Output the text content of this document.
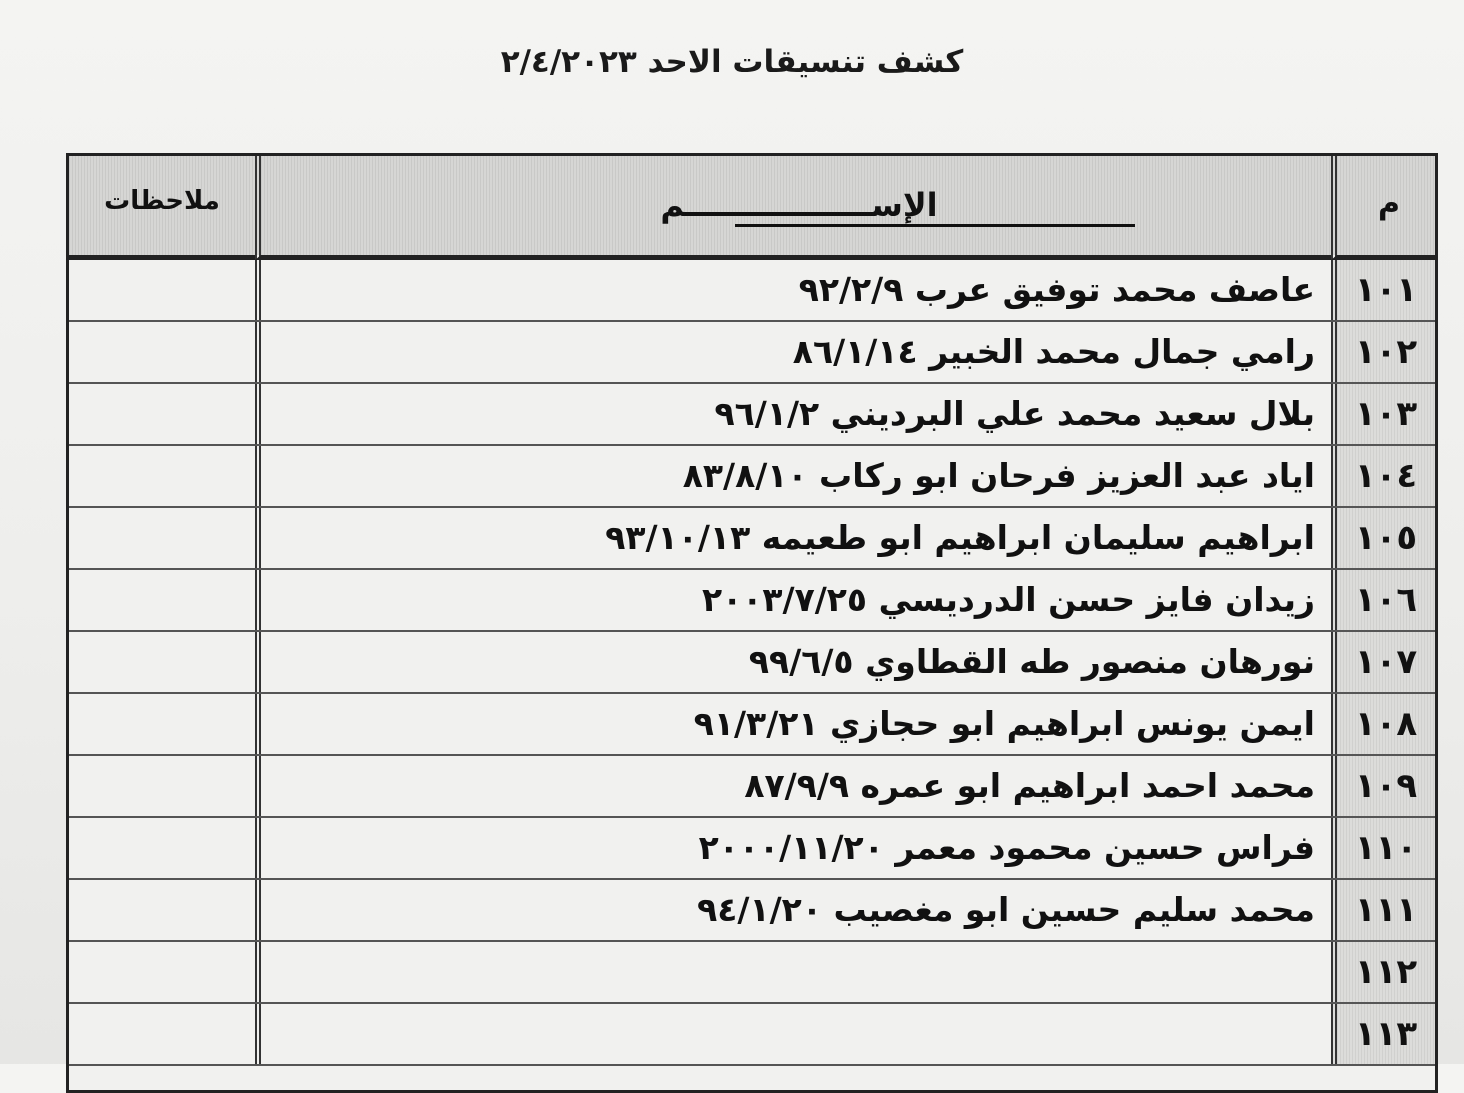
كشف تنسيقات الاحد ٢/٤/٢٠٢٣
م
الإســـــــــــــــــم
ملاحظات
١٠١
عاصف محمد توفيق عرب ٩٢/٢/٩
١٠٢
رامي جمال محمد الخبير ٨٦/١/١٤
١٠٣
بلال سعيد محمد علي البرديني ٩٦/١/٢
١٠٤
اياد عبد العزيز فرحان ابو ركاب ٨٣/٨/١٠
١٠٥
ابراهيم سليمان ابراهيم ابو طعيمه ٩٣/١٠/١٣
١٠٦
زيدان فايز حسن الدرديسي ٢٠٠٣/٧/٢٥
١٠٧
نورهان منصور طه القطاوي ٩٩/٦/٥
١٠٨
ايمن يونس ابراهيم ابو حجازي ٩١/٣/٢١
١٠٩
محمد احمد ابراهيم ابو عمره ٨٧/٩/٩
١١٠
فراس حسين محمود معمر ٢٠٠٠/١١/٢٠
١١١
محمد سليم حسين ابو مغصيب ٩٤/١/٢٠
١١٢
١١٣
